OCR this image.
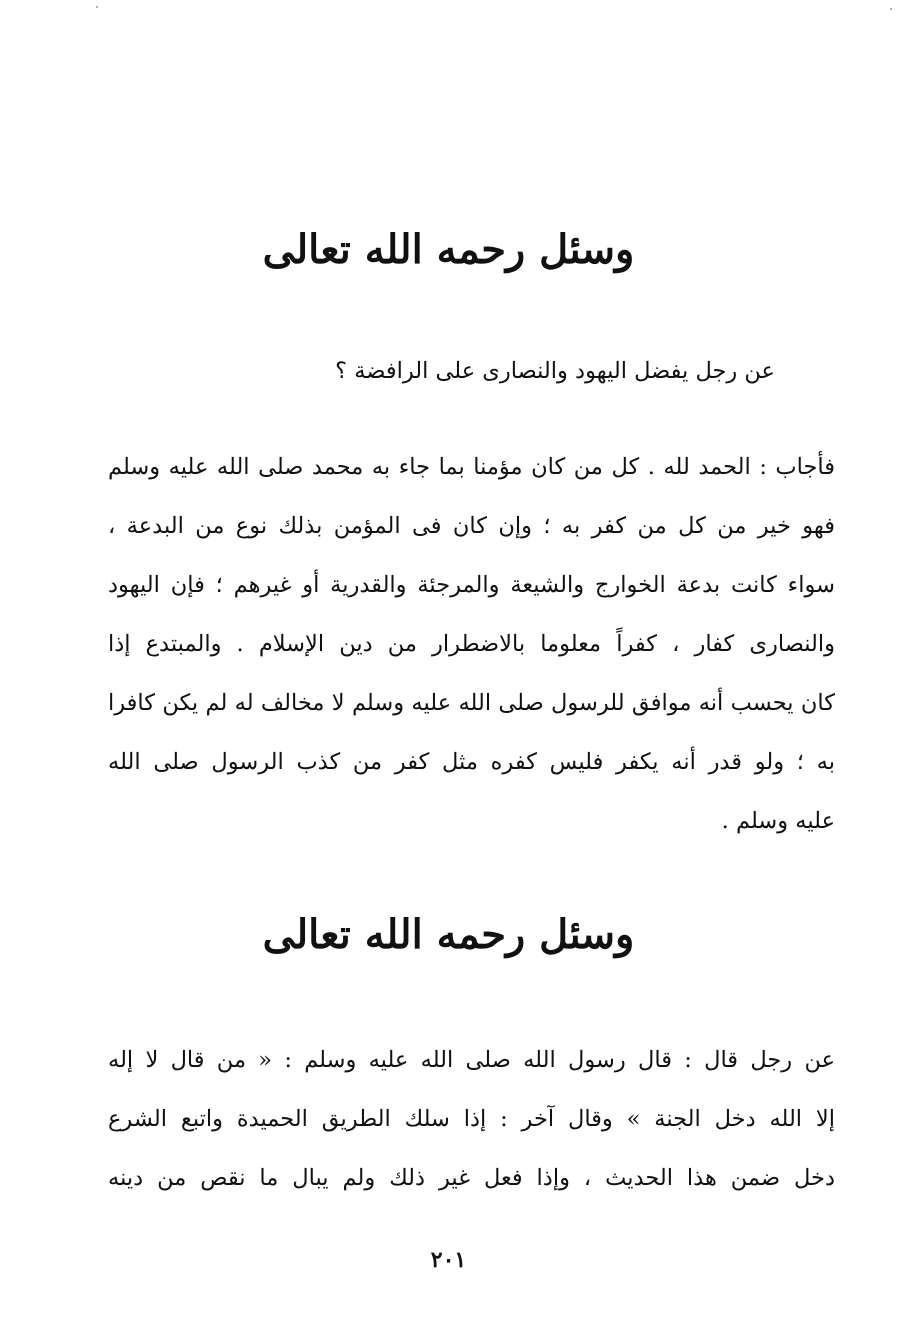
وسئل رحمه الله تعالى
عن رجل يفضل اليهود والنصارى على الرافضة ؟
فأجاب : الحمد لله . كل من كان مؤمنا بما جاء به محمد صلى الله عليه وسلم
فهو خير من كل من كفر به ؛ وإن كان فى المؤمن بذلك نوع من البدعة ،
سواء كانت بدعة الخوارج والشيعة والمرجئة والقدرية أو غيرهم ؛ فإن اليهود
والنصارى كفار ، كفراً معلوما بالاضطرار من دين الإسلام . والمبتدع إذا
كان يحسب أنه موافق للرسول صلى الله عليه وسلم لا مخالف له لم يكن كافرا
به ؛ ولو قدر أنه يكفر فليس كفره مثل كفر من كذب الرسول صلى الله
عليه وسلم .
وسئل رحمه الله تعالى
عن رجل قال : قال رسول الله صلى الله عليه وسلم : « من قال لا إله
إلا الله دخل الجنة » وقال آخر : إذا سلك الطريق الحميدة واتبع الشرع
دخل ضمن هذا الحديث ، وإذا فعل غير ذلك ولم يبال ما نقص من دينه
٢٠١
